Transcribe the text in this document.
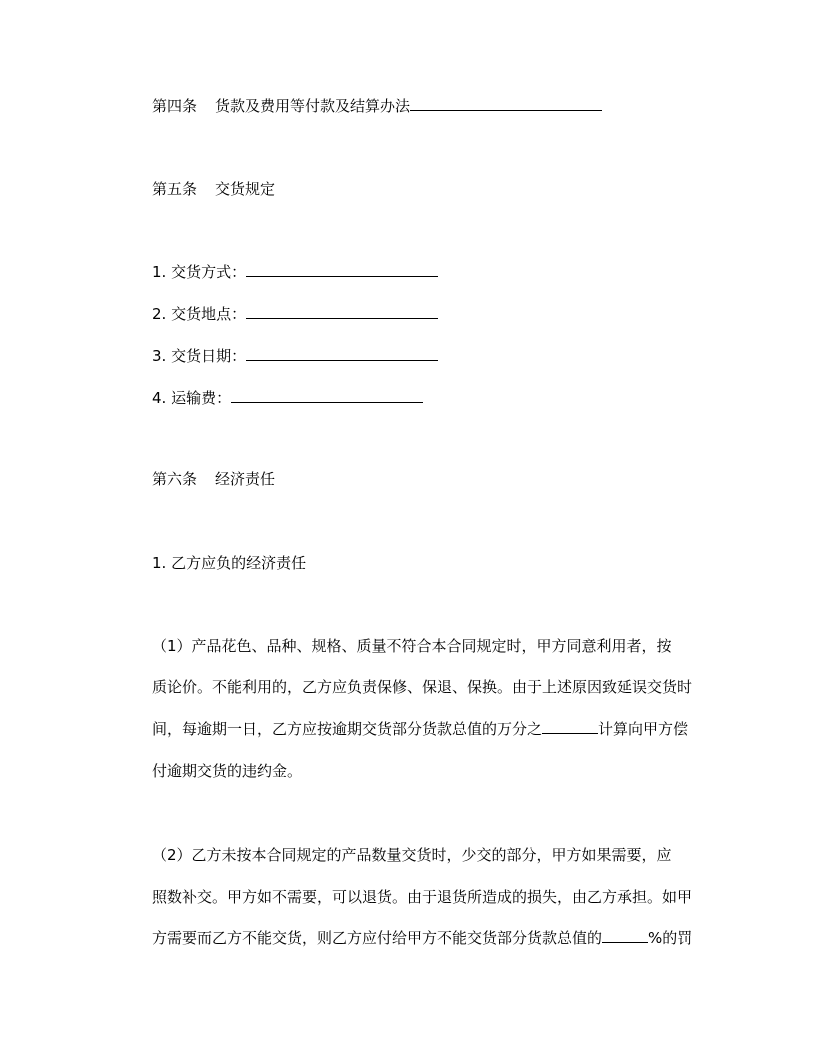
第四条 货款及费用等付款及结算办法
第五条 交货规定
1. 交货方式：
2. 交货地点：
3. 交货日期：
4. 运输费：
第六条 经济责任
1. 乙方应负的经济责任
（1）产品花色、品种、规格、质量不符合本合同规定时，甲方同意利用者，按
质论价。不能利用的，乙方应负责保修、保退、保换。由于上述原因致延误交货时
间，每逾期一日，乙方应按逾期交货部分货款总值的万分之	计算向甲方偿
付逾期交货的违约金。
（2）乙方未按本合同规定的产品数量交货时，少交的部分，甲方如果需要，应
照数补交。甲方如不需要，可以退货。由于退货所造成的损失，由乙方承担。如甲
方需要而乙方不能交货，则乙方应付给甲方不能交货部分货款总值的	%的罚
